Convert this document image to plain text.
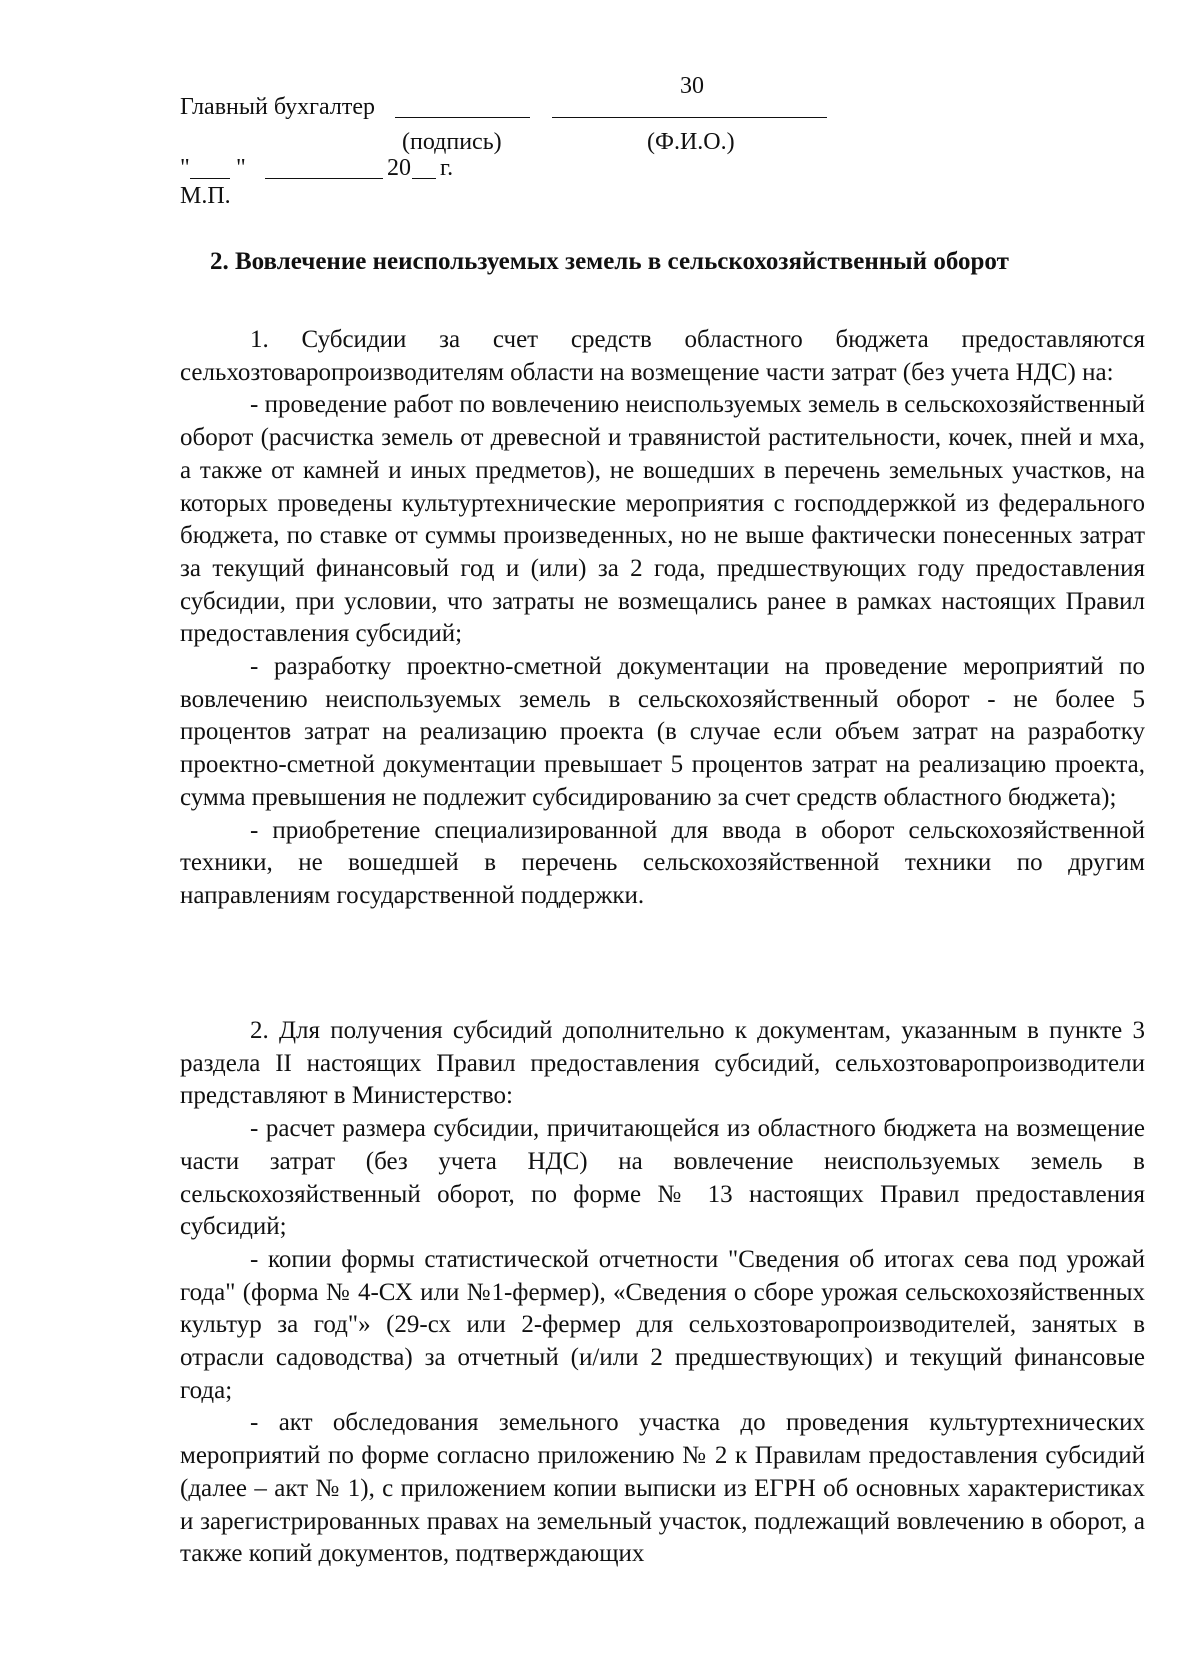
30
Главный бухгалтер
(подпись)	(Ф.И.О.)
" "	20 г.
М.П.
2. Вовлечение неиспользуемых земель в сельскохозяйственный оборот

1. Субсидии за счет средств областного бюджета предоставляются сельхозтоваропроизводителям области на возмещение части затрат (без учета НДС) на:

- проведение работ по вовлечению неиспользуемых земель в сельскохозяйственный оборот (расчистка земель от древесной и травянистой растительности, кочек, пней и мха, а также от камней и иных предметов), не вошедших в перечень земельных участков, на которых проведены культуртехнические мероприятия с господдержкой из федерального бюджета, по ставке от суммы произведенных, но не выше фактически понесенных затрат за текущий финансовый год и (или) за 2 года, предшествующих году предоставления субсидии, при условии, что затраты не возмещались ранее в рамках настоящих Правил предоставления субсидий;

- разработку проектно-сметной документации на проведение мероприятий по вовлечению неиспользуемых земель в сельскохозяйственный оборот - не более 5 процентов затрат на реализацию проекта (в случае если объем затрат на разработку проектно-сметной документации превышает 5 процентов затрат на реализацию проекта, сумма превышения не подлежит субсидированию за счет средств областного бюджета);

- приобретение специализированной для ввода в оборот сельскохозяйственной техники, не вошедшей в перечень сельскохозяйственной техники по другим направлениям государственной поддержки.

2. Для получения субсидий дополнительно к документам, указанным в пункте 3 раздела II настоящих Правил предоставления субсидий, сельхозтоваропроизводители представляют в Министерство:

- расчет размера субсидии, причитающейся из областного бюджета на возмещение части затрат (без учета НДС) на вовлечение неиспользуемых земель в сельскохозяйственный оборот, по форме № 13 настоящих Правил предоставления субсидий;

- копии формы статистической отчетности "Сведения об итогах сева под урожай года" (форма № 4-СХ или №1-фермер), «Сведения о сборе урожая сельскохозяйственных культур за год"» (29-сх или 2-фермер для сельхозтоваропроизводителей, занятых в отрасли садоводства) за отчетный (и/или 2 предшествующих) и текущий финансовые года;

- акт обследования земельного участка до проведения культуртехнических мероприятий по форме согласно приложению № 2 к Правилам предоставления субсидий (далее – акт № 1), с приложением копии выписки из ЕГРН об основных характеристиках и зарегистрированных правах на земельный участок, подлежащий вовлечению в оборот, а также копий документов, подтверждающих
